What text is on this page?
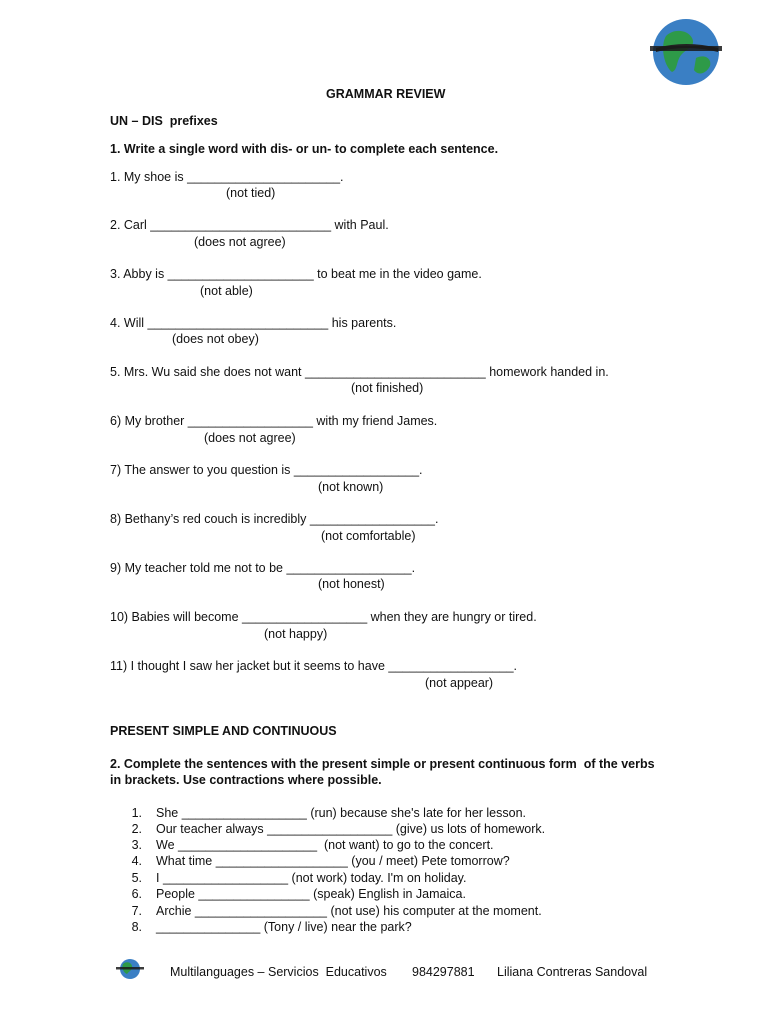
GRAMMAR REVIEW
UN – DIS  prefixes
1. Write a single word with dis- or un- to complete each sentence.
1. My shoe is ______________________.
(not tied)
2. Carl __________________________ with Paul.
(does not agree)
3. Abby is _____________________ to beat me in the video game.
(not able)
4. Will __________________________ his parents.
(does not obey)
5. Mrs. Wu said she does not want __________________________ homework handed in.
(not finished)
6) My brother __________________ with my friend James.
(does not agree)
7) The answer to you question is __________________.
(not known)
8) Bethany’s red couch is incredibly __________________.
(not comfortable)
9) My teacher told me not to be __________________.
(not honest)
10) Babies will become __________________ when they are hungry or tired.
(not happy)
11) I thought I saw her jacket but it seems to have __________________.
(not appear)
PRESENT SIMPLE AND CONTINUOUS
2. Complete the sentences with the present simple or present continuous form  of the verbs
in brackets. Use contractions where possible.

1.

She __________________ (run) because she's late for her lesson.

2.

Our teacher always __________________ (give) us lots of homework.

3.

We ____________________  (not want) to go to the concert.

4.

What time ___________________ (you / meet) Pete tomorrow?

5.

I __________________ (not work) today. I'm on holiday.

6.

People ________________ (speak) English in Jamaica.

7.

Archie ___________________ (not use) his computer at the moment.

8.

_______________ (Tony / live) near the park?

Multilanguages – Servicios  Educativos 984297881 Liliana Contreras Sandoval
